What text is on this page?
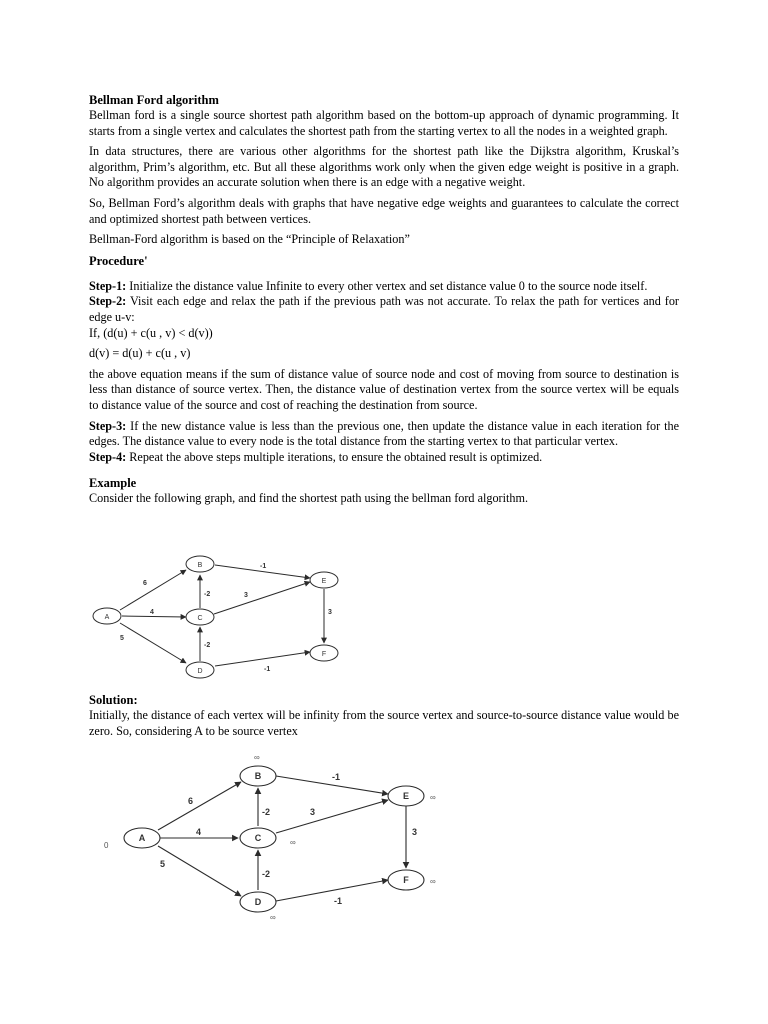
Bellman Ford algorithm

Bellman ford is a single source shortest path algorithm based on the bottom-up approach of dynamic programming. It starts from a single vertex and calculates the shortest path from the starting vertex to all the nodes in a weighted graph.

In data structures, there are various other algorithms for the shortest path like the Dijkstra algorithm, Kruskal’s algorithm, Prim’s algorithm, etc. But all these algorithms work only when the given edge weight is positive in a graph. No algorithm provides an accurate solution when there is an edge with a negative weight.

So, Bellman Ford’s algorithm deals with graphs that have negative edge weights and guarantees to calculate the correct and optimized shortest path between vertices.

Bellman-Ford algorithm is based on the “Principle of Relaxation”

Procedure'

Step-1: Initialize the distance value Infinite to every other vertex and set distance value 0 to the source node itself.

Step-2: Visit each edge and relax the path if the previous path was not accurate. To relax the path for vertices and for edge u-v:

If, (d(u) + c(u , v) < d(v))

d(v) = d(u) + c(u , v)

the above equation means if the sum of distance value of source node and cost of moving from source to destination is less than distance of source vertex. Then, the distance value of destination vertex from the source vertex will be equals to distance value of the source and cost of reaching the destination from source.

Step-3: If the new distance value is less than the previous one, then update the distance value in each iteration for the edges. The distance value to every node is the total distance from the starting vertex to that particular vertex.

Step-4: Repeat the above steps multiple iterations, to ensure the obtained result is optimized.

Example

Consider the following graph, and find the shortest path using the bellman ford algorithm.

A
B
C
D
E
F
6
4
5
-2	3
-1
-2
-1
3

Solution:

Initially, the distance of each vertex will be infinity from the source vertex and source-to-source distance value would be zero. So, considering A to be source vertex

A
B
C
D
E
F
6
4
5
-2	3
-1
-2
-1
3
0
∞
∞
∞
∞
∞
